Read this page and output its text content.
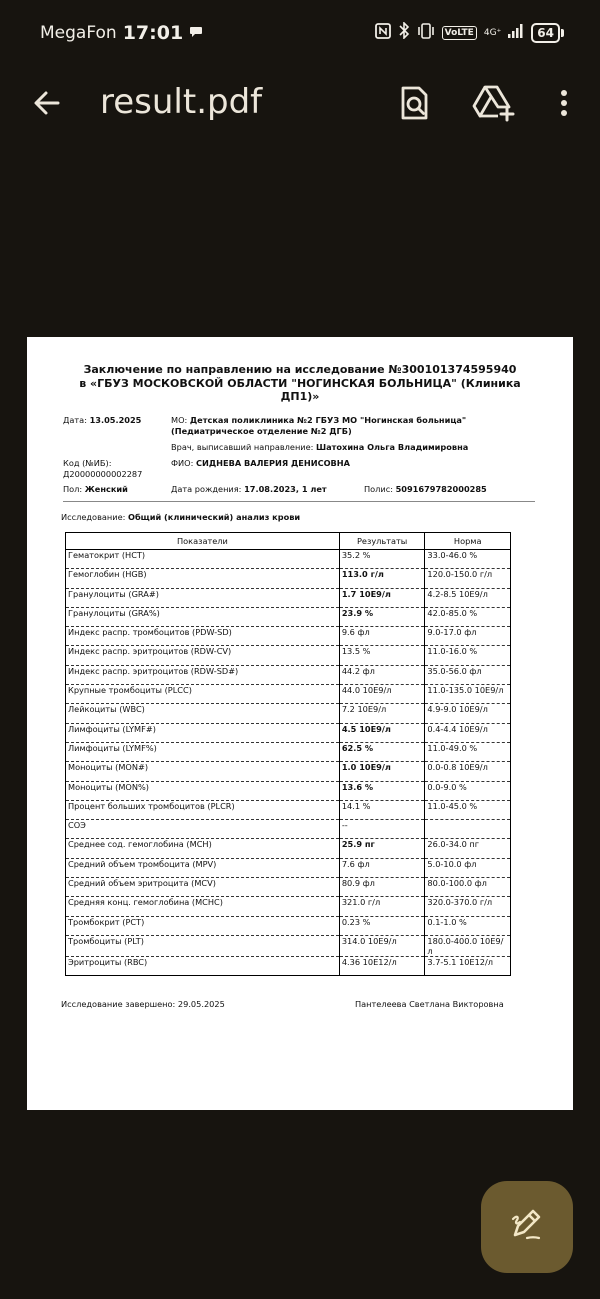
MegaFon 17:01	VoLTE	4G⁺	64
result.pdf
Заключение по направлению на исследование №300101374595940
в «ГБУЗ МОСКОВСКОЙ ОБЛАСТИ "НОГИНСКАЯ БОЛЬНИЦА" (Клиника
ДП1)»
Дата: 13.05.2025	МО: Детская поликлиника №2 ГБУЗ МО "Ногинская больница"
(Педиатрическое отделение №2 ДГБ)
Врач, выписавший направление: Шатохина Ольга Владимировна
Код (№ИБ):
Д20000000002287
ФИО: СИДНЕВА ВАЛЕРИЯ ДЕНИСОВНА
Пол: Женский	Дата рождения: 17.08.2023, 1 лет	Полис: 5091679782000285
Исследование: Общий (клинический) анализ крови
Показатели	Результаты	Норма
Гематокрит (НСТ)	35.2 %	33.0-46.0 %
Гемоглобин (HGB)	113.0 г/л	120.0-150.0 г/л
Гранулоциты (GRA#)	1.7 10Е9/л	4.2-8.5 10Е9/л
Гранулоциты (GRA%)	23.9 %	42.0-85.0 %
Индекс распр. тромбоцитов (PDW-SD)	9.6 фл	9.0-17.0 фл
Индекс распр. эритроцитов (RDW-CV)	13.5 %	11.0-16.0 %
Индекс распр. эритроцитов (RDW-SD#)	44.2 фл	35.0-56.0 фл
Крупные тромбоциты (PLCC)	44.0 10Е9/л	11.0-135.0 10Е9/л
Лейкоциты (WBC)	7.2 10Е9/л	4.9-9.0 10Е9/л
Лимфоциты (LYMF#)	4.5 10Е9/л	0.4-4.4 10Е9/л
Лимфоциты (LYMF%)	62.5 %	11.0-49.0 %
Моноциты (MON#)	1.0 10Е9/л	0.0-0.8 10Е9/л
Моноциты (MON%)	13.6 %	0.0-9.0 %
Процент больших тромбоцитов (PLCR)	14.1 %	11.0-45.0 %
СОЭ	--	
Среднее сод. гемоглобина (MCH)	25.9 пг	26.0-34.0 пг
Средний объем тромбоцита (MPV)	7.6 фл	5.0-10.0 фл
Средний объем эритроцита (MCV)	80.9 фл	80.0-100.0 фл
Средняя конц. гемоглобина (MCHC)	321.0 г/л	320.0-370.0 г/л
Тромбокрит (PCT)	0.23 %	0.1-1.0 %
Тромбоциты (PLT)	314.0 10Е9/л	180.0-400.0 10Е9/л
Эритроциты (RBC)	4.36 10Е12/л	3.7-5.1 10Е12/л
Исследование завершено: 29.05.2025	Пантелеева Светлана Викторовна
